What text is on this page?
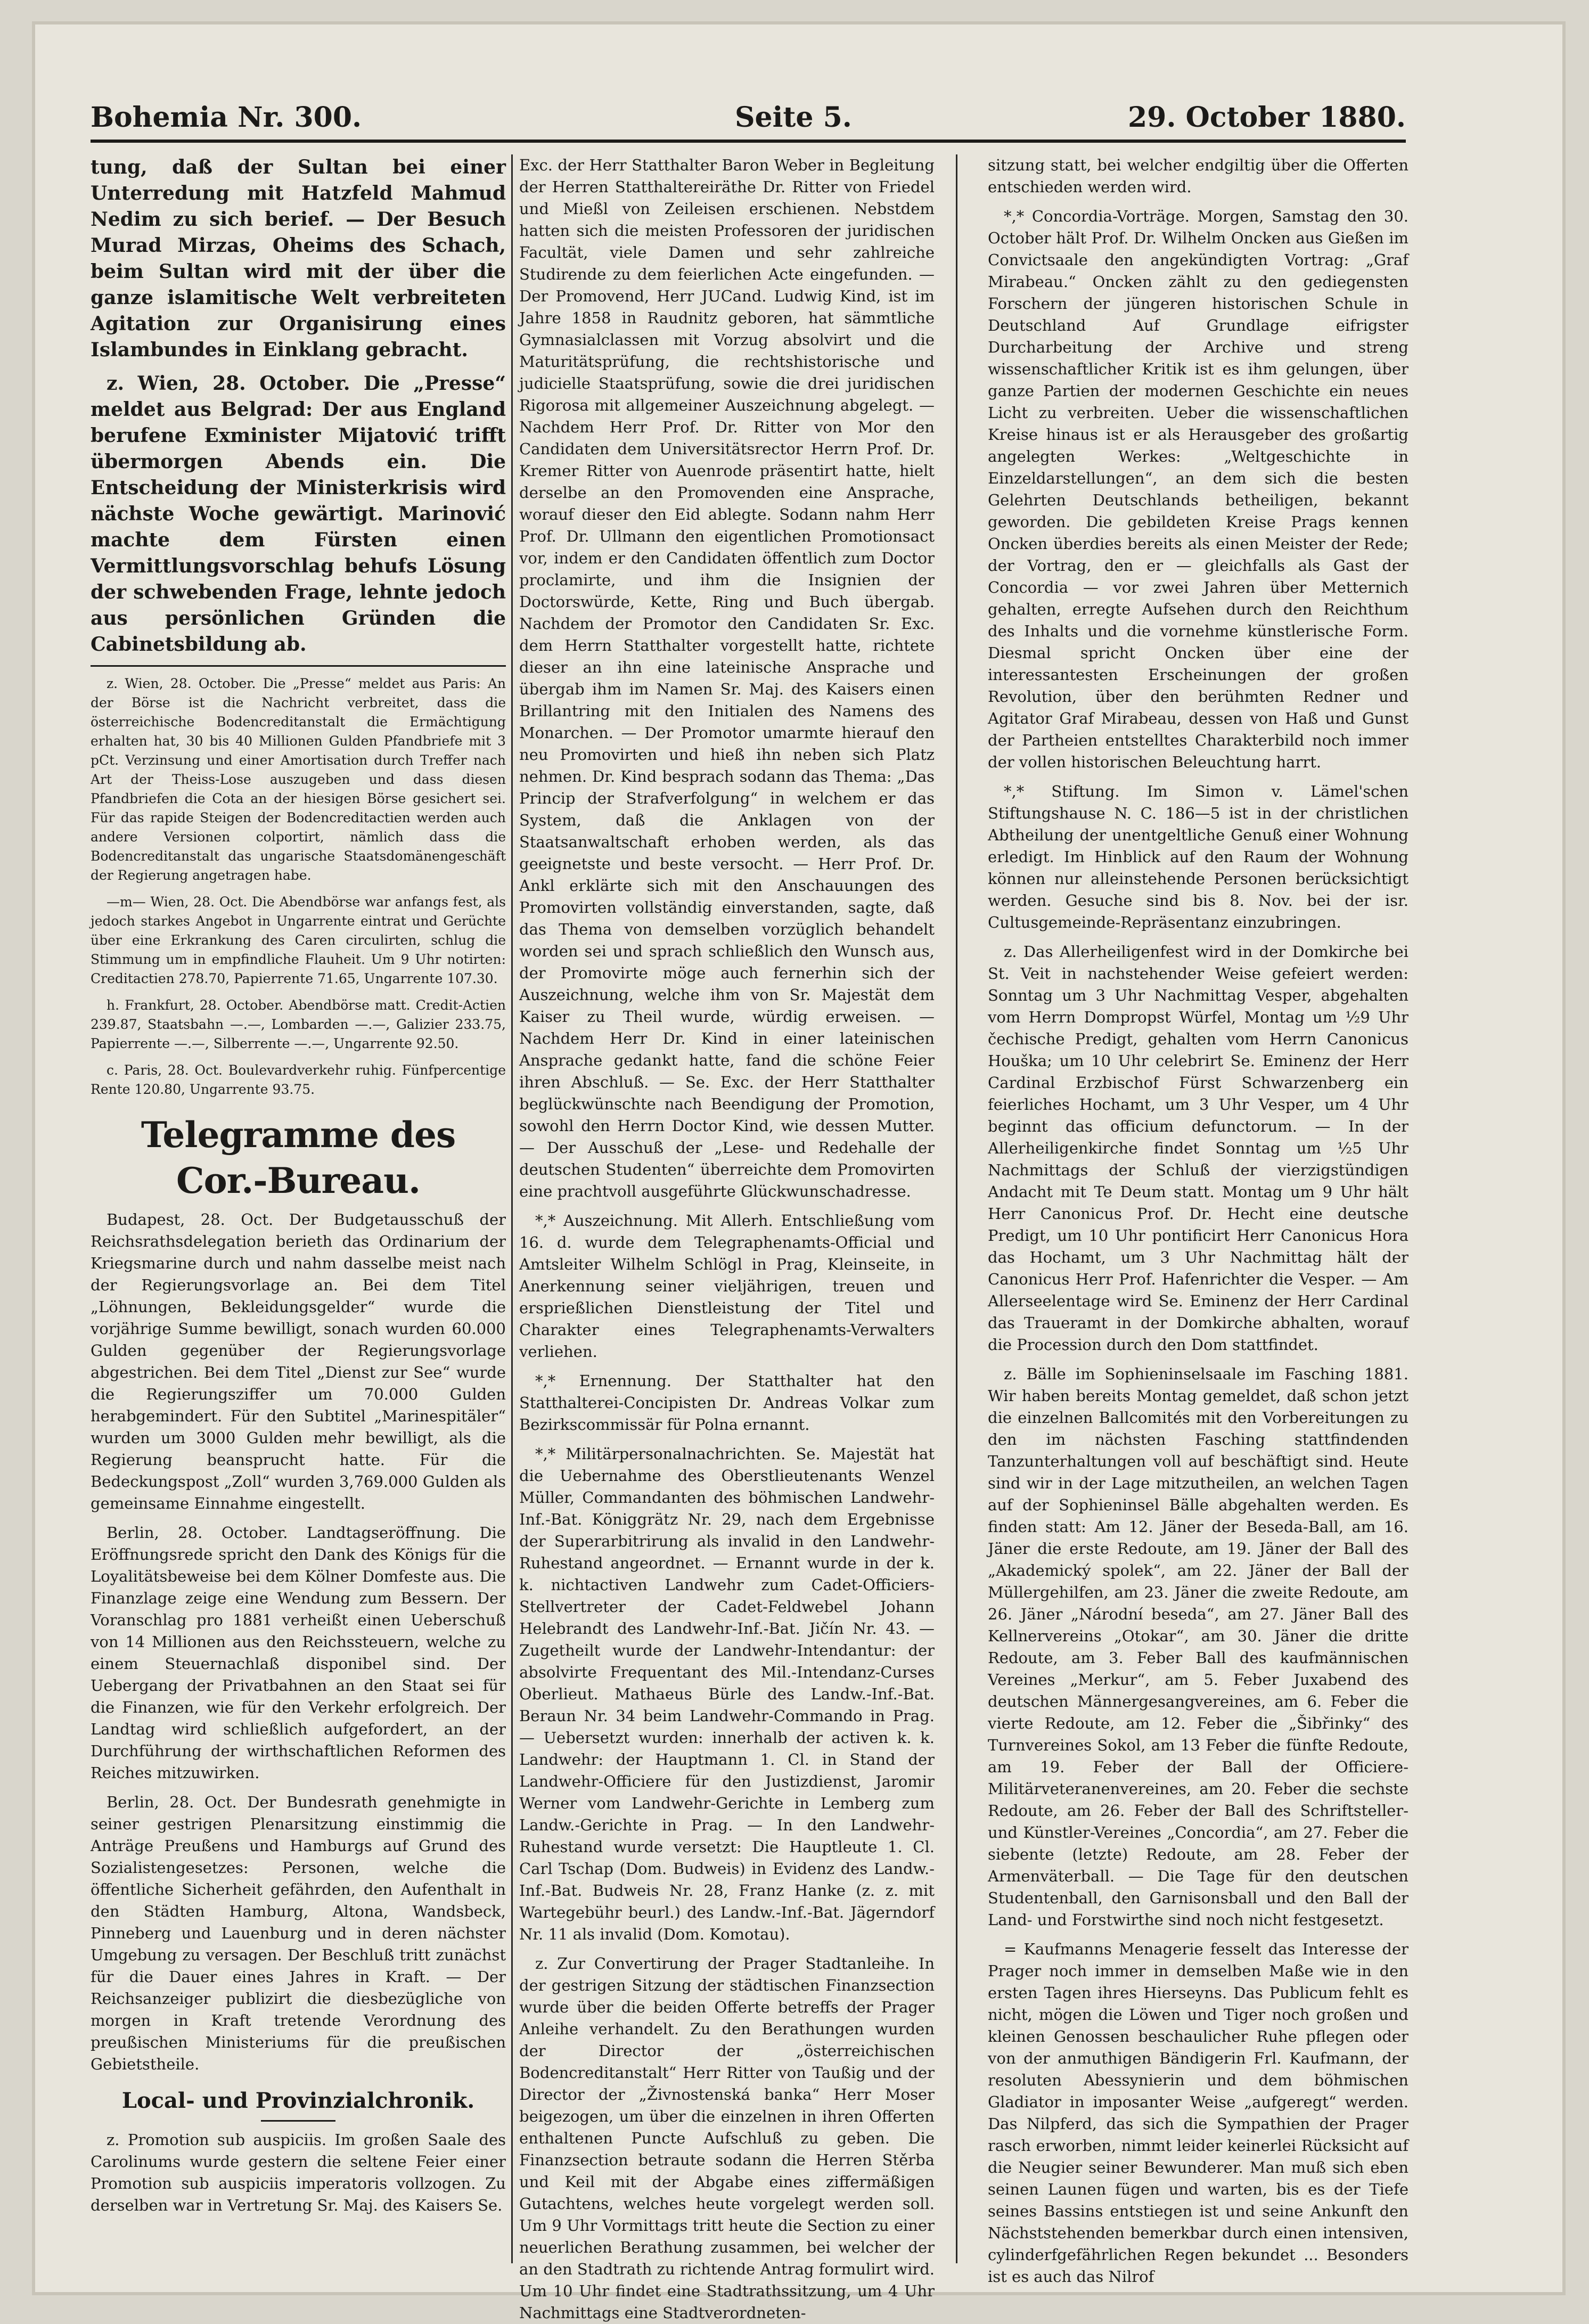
Bohemia Nr. 300.	Seite 5.	29. October 1880.

tung, daß der Sultan bei einer Unterredung mit Hatzfeld Mahmud Nedim zu sich berief. — Der Besuch Murad Mirzas, Oheims des Schach, beim Sultan wird mit der über die ganze islamitische Welt verbreiteten Agitation zur Organisirung eines Islambundes in Einklang gebracht.

z. Wien, 28. October. Die „Presse“ meldet aus Belgrad: Der aus England berufene Exminister Mijatović trifft übermorgen Abends ein. Die Entscheidung der Ministerkrisis wird nächste Woche gewärtigt. Marinović machte dem Fürsten einen Vermittlungsvorschlag behufs Lösung der schwebenden Frage, lehnte jedoch aus persönlichen Gründen die Cabinetsbildung ab.

z. Wien, 28. October. Die „Presse“ meldet aus Paris: An der Börse ist die Nachricht verbreitet, dass die österreichische Bodencreditanstalt die Ermächtigung erhalten hat, 30 bis 40 Millionen Gulden Pfandbriefe mit 3 pCt. Verzinsung und einer Amortisation durch Treffer nach Art der Theiss-Lose auszugeben und dass diesen Pfandbriefen die Cota an der hiesigen Börse gesichert sei. Für das rapide Steigen der Bodencreditactien werden auch andere Versionen colportirt, nämlich dass die Bodencreditanstalt das ungarische Staatsdomänengeschäft der Regierung angetragen habe.

—m— Wien, 28. Oct. Die Abendbörse war anfangs fest, als jedoch starkes Angebot in Ungarrente eintrat und Gerüchte über eine Erkrankung des Caren circulirten, schlug die Stimmung um in empfindliche Flauheit. Um 9 Uhr notirten: Creditactien 278.70, Papierrente 71.65, Ungarrente 107.30.

h. Frankfurt, 28. October. Abendbörse matt. Credit-Actien 239.87, Staatsbahn —.—, Lombarden —.—, Galizier 233.75, Papierrente —.—, Silberrente —.—, Ungarrente 92.50.

c. Paris, 28. Oct. Boulevardverkehr ruhig. Fünfpercentige Rente 120.80, Ungarrente 93.75.

Telegramme des Cor.-Bureau.

Budapest, 28. Oct. Der Budgetausschuß der Reichsrathsdelegation berieth das Ordinarium der Kriegsmarine durch und nahm dasselbe meist nach der Regierungsvorlage an. Bei dem Titel „Löhnungen, Bekleidungsgelder“ wurde die vorjährige Summe bewilligt, sonach wurden 60.000 Gulden gegenüber der Regierungsvorlage abgestrichen. Bei dem Titel „Dienst zur See“ wurde die Regierungsziffer um 70.000 Gulden herabgemindert. Für den Subtitel „Marinespitäler“ wurden um 3000 Gulden mehr bewilligt, als die Regierung beansprucht hatte. Für die Bedeckungspost „Zoll“ wurden 3,769.000 Gulden als gemeinsame Einnahme eingestellt.

Berlin, 28. October. Landtagseröffnung. Die Eröffnungsrede spricht den Dank des Königs für die Loyalitätsbeweise bei dem Kölner Domfeste aus. Die Finanzlage zeige eine Wendung zum Bessern. Der Voranschlag pro 1881 verheißt einen Ueberschuß von 14 Millionen aus den Reichssteuern, welche zu einem Steuernachlaß disponibel sind. Der Uebergang der Privatbahnen an den Staat sei für die Finanzen, wie für den Verkehr erfolgreich. Der Landtag wird schließlich aufgefordert, an der Durchführung der wirthschaftlichen Reformen des Reiches mitzuwirken.

Berlin, 28. Oct. Der Bundesrath genehmigte in seiner gestrigen Plenarsitzung einstimmig die Anträge Preußens und Hamburgs auf Grund des Sozialistengesetzes: Personen, welche die öffentliche Sicherheit gefährden, den Aufenthalt in den Städten Hamburg, Altona, Wandsbeck, Pinneberg und Lauenburg und in deren nächster Umgebung zu versagen. Der Beschluß tritt zunächst für die Dauer eines Jahres in Kraft. — Der Reichsanzeiger publizirt die diesbezügliche von morgen in Kraft tretende Verordnung des preußischen Ministeriums für die preußischen Gebietstheile.

Local- und Provinzialchronik.

z. Promotion sub auspiciis. Im großen Saale des Carolinums wurde gestern die seltene Feier einer Promotion sub auspiciis imperatoris vollzogen. Zu derselben war in Vertretung Sr. Maj. des Kaisers Se.

Exc. der Herr Statthalter Baron Weber in Begleitung der Herren Statthaltereiräthe Dr. Ritter von Friedel und Mießl von Zeileisen erschienen. Nebstdem hatten sich die meisten Professoren der juridischen Facultät, viele Damen und sehr zahlreiche Studirende zu dem feierlichen Acte eingefunden. — Der Promovend, Herr JUCand. Ludwig Kind, ist im Jahre 1858 in Raudnitz geboren, hat sämmtliche Gymnasialclassen mit Vorzug absolvirt und die Maturitätsprüfung, die rechtshistorische und judicielle Staatsprüfung, sowie die drei juridischen Rigorosa mit allgemeiner Auszeichnung abgelegt. — Nachdem Herr Prof. Dr. Ritter von Mor den Candidaten dem Universitätsrector Herrn Prof. Dr. Kremer Ritter von Auenrode präsentirt hatte, hielt derselbe an den Promovenden eine Ansprache, worauf dieser den Eid ablegte. Sodann nahm Herr Prof. Dr. Ullmann den eigentlichen Promotionsact vor, indem er den Candidaten öffentlich zum Doctor proclamirte, und ihm die Insignien der Doctorswürde, Kette, Ring und Buch übergab. Nachdem der Promotor den Candidaten Sr. Exc. dem Herrn Statthalter vorgestellt hatte, richtete dieser an ihn eine lateinische Ansprache und übergab ihm im Namen Sr. Maj. des Kaisers einen Brillantring mit den Initialen des Namens des Monarchen. — Der Promotor umarmte hierauf den neu Promovirten und hieß ihn neben sich Platz nehmen. Dr. Kind besprach sodann das Thema: „Das Princip der Strafverfolgung“ in welchem er das System, daß die Anklagen von der Staatsanwaltschaft erhoben werden, als das geeignetste und beste versocht. — Herr Prof. Dr. Ankl erklärte sich mit den Anschauungen des Promovirten vollständig einverstanden, sagte, daß das Thema von demselben vorzüglich behandelt worden sei und sprach schließlich den Wunsch aus, der Promovirte möge auch fernerhin sich der Auszeichnung, welche ihm von Sr. Majestät dem Kaiser zu Theil wurde, würdig erweisen. — Nachdem Herr Dr. Kind in einer lateinischen Ansprache gedankt hatte, fand die schöne Feier ihren Abschluß. — Se. Exc. der Herr Statthalter beglückwünschte nach Beendigung der Promotion, sowohl den Herrn Doctor Kind, wie dessen Mutter. — Der Ausschuß der „Lese- und Redehalle der deutschen Studenten“ überreichte dem Promovirten eine prachtvoll ausgeführte Glückwunschadresse.

*,* Auszeichnung. Mit Allerh. Entschließung vom 16. d. wurde dem Telegraphenamts-Official und Amtsleiter Wilhelm Schlögl in Prag, Kleinseite, in Anerkennung seiner vieljährigen, treuen und ersprießlichen Dienstleistung der Titel und Charakter eines Telegraphenamts-Verwalters verliehen.

*,* Ernennung. Der Statthalter hat den Statthalterei-Concipisten Dr. Andreas Volkar zum Bezirkscommissär für Polna ernannt.

*,* Militärpersonalnachrichten. Se. Majestät hat die Uebernahme des Oberstlieutenants Wenzel Müller, Commandanten des böhmischen Landwehr-Inf.-Bat. Königgrätz Nr. 29, nach dem Ergebnisse der Superarbitrirung als invalid in den Landwehr-Ruhestand angeordnet. — Ernannt wurde in der k. k. nichtactiven Landwehr zum Cadet-Officiers-Stellvertreter der Cadet-Feldwebel Johann Helebrandt des Landwehr-Inf.-Bat. Jičín Nr. 43. — Zugetheilt wurde der Landwehr-Intendantur: der absolvirte Frequentant des Mil.-Intendanz-Curses Oberlieut. Mathaeus Bürle des Landw.-Inf.-Bat. Beraun Nr. 34 beim Landwehr-Commando in Prag. — Uebersetzt wurden: innerhalb der activen k. k. Landwehr: der Hauptmann 1. Cl. in Stand der Landwehr-Officiere für den Justizdienst, Jaromir Werner vom Landwehr-Gerichte in Lemberg zum Landw.-Gerichte in Prag. — In den Landwehr-Ruhestand wurde versetzt: Die Hauptleute 1. Cl. Carl Tschap (Dom. Budweis) in Evidenz des Landw.-Inf.-Bat. Budweis Nr. 28, Franz Hanke (z. z. mit Wartegebühr beurl.) des Landw.-Inf.-Bat. Jägerndorf Nr. 11 als invalid (Dom. Komotau).

z. Zur Convertirung der Prager Stadtanleihe. In der gestrigen Sitzung der städtischen Finanzsection wurde über die beiden Offerte betreffs der Prager Anleihe verhandelt. Zu den Berathungen wurden der Director der „österreichischen Bodencreditanstalt“ Herr Ritter von Taußig und der Director der „Živnostenská banka“ Herr Moser beigezogen, um über die einzelnen in ihren Offerten enthaltenen Puncte Aufschluß zu geben. Die Finanzsection betraute sodann die Herren Stěrba und Keil mit der Abgabe eines ziffermäßigen Gutachtens, welches heute vorgelegt werden soll. Um 9 Uhr Vormittags tritt heute die Section zu einer neuerlichen Berathung zusammen, bei welcher der an den Stadtrath zu richtende Antrag formulirt wird. Um 10 Uhr findet eine Stadtrathssitzung, um 4 Uhr Nachmittags eine Stadtverordneten-

sitzung statt, bei welcher endgiltig über die Offerten entschieden werden wird.

*,* Concordia-Vorträge. Morgen, Samstag den 30. October hält Prof. Dr. Wilhelm Oncken aus Gießen im Convictsaale den angekündigten Vortrag: „Graf Mirabeau.“ Oncken zählt zu den gediegensten Forschern der jüngeren historischen Schule in Deutschland Auf Grundlage eifrigster Durcharbeitung der Archive und streng wissenschaftlicher Kritik ist es ihm gelungen, über ganze Partien der modernen Geschichte ein neues Licht zu verbreiten. Ueber die wissenschaftlichen Kreise hinaus ist er als Herausgeber des großartig angelegten Werkes: „Weltgeschichte in Einzeldarstellungen“, an dem sich die besten Gelehrten Deutschlands betheiligen, bekannt geworden. Die gebildeten Kreise Prags kennen Oncken überdies bereits als einen Meister der Rede; der Vortrag, den er — gleichfalls als Gast der Concordia — vor zwei Jahren über Metternich gehalten, erregte Aufsehen durch den Reichthum des Inhalts und die vornehme künstlerische Form. Diesmal spricht Oncken über eine der interessantesten Erscheinungen der großen Revolution, über den berühmten Redner und Agitator Graf Mirabeau, dessen von Haß und Gunst der Partheien entstelltes Charakterbild noch immer der vollen historischen Beleuchtung harrt.

*,* Stiftung. Im Simon v. Lämel'schen Stiftungshause N. C. 186—5 ist in der christlichen Abtheilung der unentgeltliche Genuß einer Wohnung erledigt. Im Hinblick auf den Raum der Wohnung können nur alleinstehende Personen berücksichtigt werden. Gesuche sind bis 8. Nov. bei der isr. Cultusgemeinde-Repräsentanz einzubringen.

z. Das Allerheiligenfest wird in der Domkirche bei St. Veit in nachstehender Weise gefeiert werden: Sonntag um 3 Uhr Nachmittag Vesper, abgehalten vom Herrn Dompropst Würfel, Montag um ½9 Uhr čechische Predigt, gehalten vom Herrn Canonicus Houška; um 10 Uhr celebrirt Se. Eminenz der Herr Cardinal Erzbischof Fürst Schwarzenberg ein feierliches Hochamt, um 3 Uhr Vesper, um 4 Uhr beginnt das officium defunctorum. — In der Allerheiligenkirche findet Sonntag um ½5 Uhr Nachmittags der Schluß der vierzigstündigen Andacht mit Te Deum statt. Montag um 9 Uhr hält Herr Canonicus Prof. Dr. Hecht eine deutsche Predigt, um 10 Uhr pontificirt Herr Canonicus Hora das Hochamt, um 3 Uhr Nachmittag hält der Canonicus Herr Prof. Hafenrichter die Vesper. — Am Allerseelentage wird Se. Eminenz der Herr Cardinal das Traueramt in der Domkirche abhalten, worauf die Procession durch den Dom stattfindet.

z. Bälle im Sophieninselsaale im Fasching 1881. Wir haben bereits Montag gemeldet, daß schon jetzt die einzelnen Ballcomités mit den Vorbereitungen zu den im nächsten Fasching stattfindenden Tanzunterhaltungen voll auf beschäftigt sind. Heute sind wir in der Lage mitzutheilen, an welchen Tagen auf der Sophieninsel Bälle abgehalten werden. Es finden statt: Am 12. Jäner der Beseda-Ball, am 16. Jäner die erste Redoute, am 19. Jäner der Ball des „Akademický spolek“, am 22. Jäner der Ball der Müllergehilfen, am 23. Jäner die zweite Redoute, am 26. Jäner „Národní beseda“, am 27. Jäner Ball des Kellnervereins „Otokar“, am 30. Jäner die dritte Redoute, am 3. Feber Ball des kaufmännischen Vereines „Merkur“, am 5. Feber Juxabend des deutschen Männergesangvereines, am 6. Feber die vierte Redoute, am 12. Feber die „Šibřinky“ des Turnvereines Sokol, am 13 Feber die fünfte Redoute, am 19. Feber der Ball der Officiere-Militärveteranenvereines, am 20. Feber die sechste Redoute, am 26. Feber der Ball des Schriftsteller- und Künstler-Vereines „Concordia“, am 27. Feber die siebente (letzte) Redoute, am 28. Feber der Armenväterball. — Die Tage für den deutschen Studentenball, den Garnisonsball und den Ball der Land- und Forstwirthe sind noch nicht festgesetzt.

= Kaufmanns Menagerie fesselt das Interesse der Prager noch immer in demselben Maße wie in den ersten Tagen ihres Hierseyns. Das Publicum fehlt es nicht, mögen die Löwen und Tiger noch großen und kleinen Genossen beschaulicher Ruhe pflegen oder von der anmuthigen Bändigerin Frl. Kaufmann, der resoluten Abessynierin und dem böhmischen Gladiator in imposanter Weise „aufgeregt“ werden. Das Nilpferd, das sich die Sympathien der Prager rasch erworben, nimmt leider keinerlei Rücksicht auf die Neugier seiner Bewunderer. Man muß sich eben seinen Launen fügen und warten, bis es der Tiefe seines Bassins entstiegen ist und seine Ankunft den Nächststehenden bemerkbar durch einen intensiven, cylinderfgefährlichen Regen bekundet ... Besonders ist es auch das Nilrof
